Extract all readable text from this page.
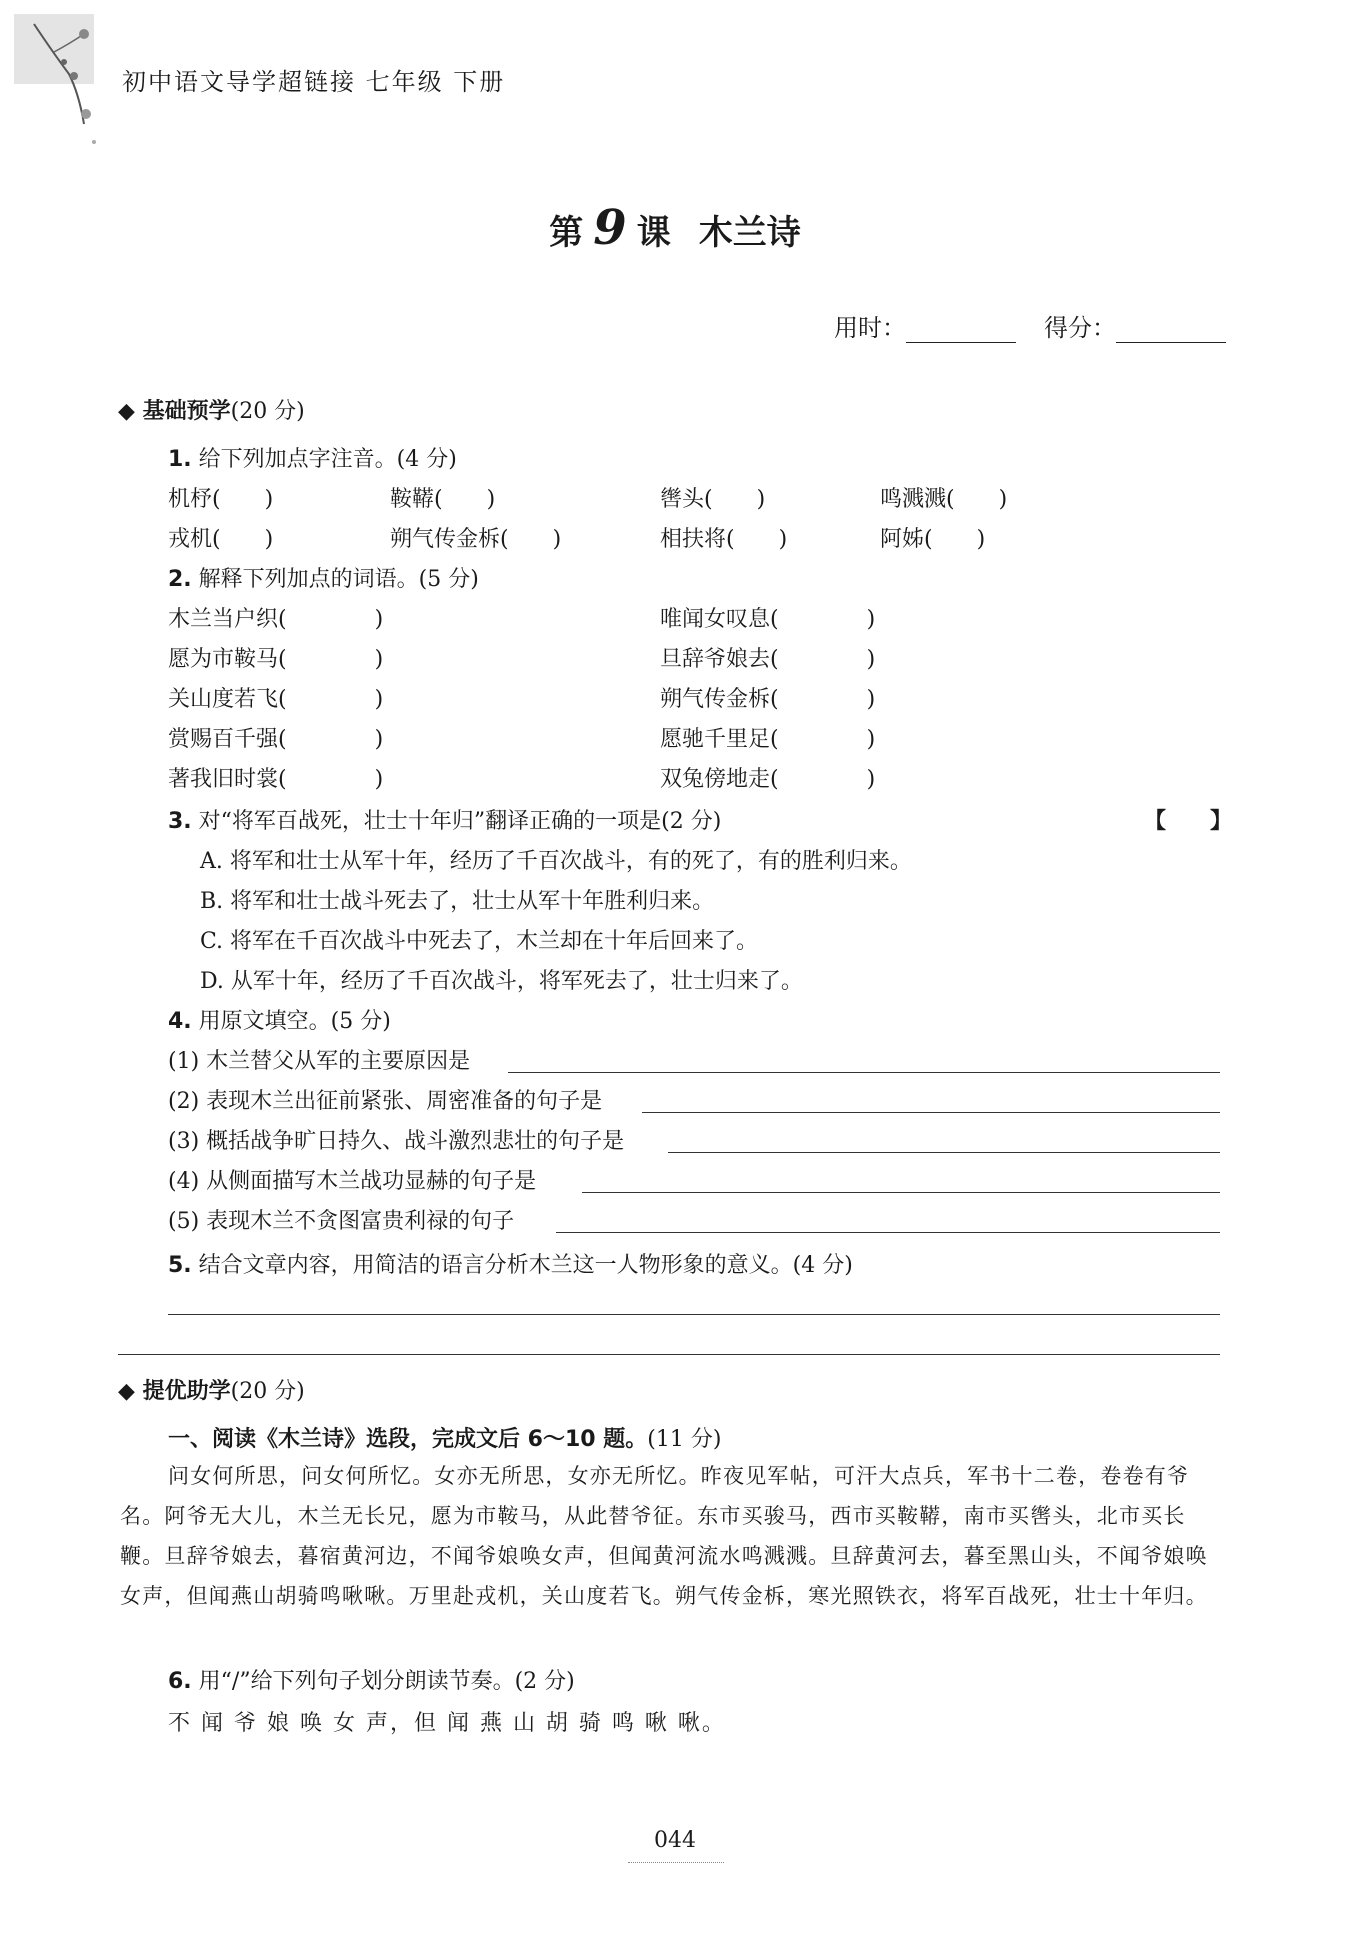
初中语文导学超链接 七年级 下册
第 9 课 木兰诗
用时：	得分：
◆ 基础预学(20 分)
1. 给下列加点字注音。(4 分)
机杼(　　)	鞍鞯(　　)	辔头(　　)	鸣溅溅(　　)
戎机(　　)	朔气传金柝(　　)	相扶将(　　)	阿姊(　　)
2. 解释下列加点的词语。(5 分)
木兰当户织(　　　　)	唯闻女叹息(　　　　)
愿为市鞍马(　　　　)	旦辞爷娘去(　　　　)
关山度若飞(　　　　)	朔气传金柝(　　　　)
赏赐百千强(　　　　)	愿驰千里足(　　　　)
著我旧时裳(　　　　)	双兔傍地走(　　　　)
3. 对“将军百战死，壮士十年归”翻译正确的一项是(2 分)	【　　】
A. 将军和壮士从军十年，经历了千百次战斗，有的死了，有的胜利归来。
B. 将军和壮士战斗死去了，壮士从军十年胜利归来。
C. 将军在千百次战斗中死去了，木兰却在十年后回来了。
D. 从军十年，经历了千百次战斗，将军死去了，壮士归来了。
4. 用原文填空。(5 分)
(1) 木兰替父从军的主要原因是
(2) 表现木兰出征前紧张、周密准备的句子是
(3) 概括战争旷日持久、战斗激烈悲壮的句子是
(4) 从侧面描写木兰战功显赫的句子是
(5) 表现木兰不贪图富贵利禄的句子
5. 结合文章内容，用简洁的语言分析木兰这一人物形象的意义。(4 分)
◆ 提优助学(20 分)
一、阅读《木兰诗》选段，完成文后 6～10 题。(11 分)
问女何所思，问女何所忆。女亦无所思，女亦无所忆。昨夜见军帖，可汗大点兵，军书十二卷，卷卷有爷名。阿爷无大儿，木兰无长兄，愿为市鞍马，从此替爷征。东市买骏马，西市买鞍鞯，南市买辔头，北市买长鞭。旦辞爷娘去，暮宿黄河边，不闻爷娘唤女声，但闻黄河流水鸣溅溅。旦辞黄河去，暮至黑山头，不闻爷娘唤女声，但闻燕山胡骑鸣啾啾。万里赴戎机，关山度若飞。朔气传金柝，寒光照铁衣，将军百战死，壮士十年归。
6. 用“/”给下列句子划分朗读节奏。(2 分)
不 闻 爷 娘 唤 女 声，但 闻 燕 山 胡 骑 鸣 啾 啾。
044
